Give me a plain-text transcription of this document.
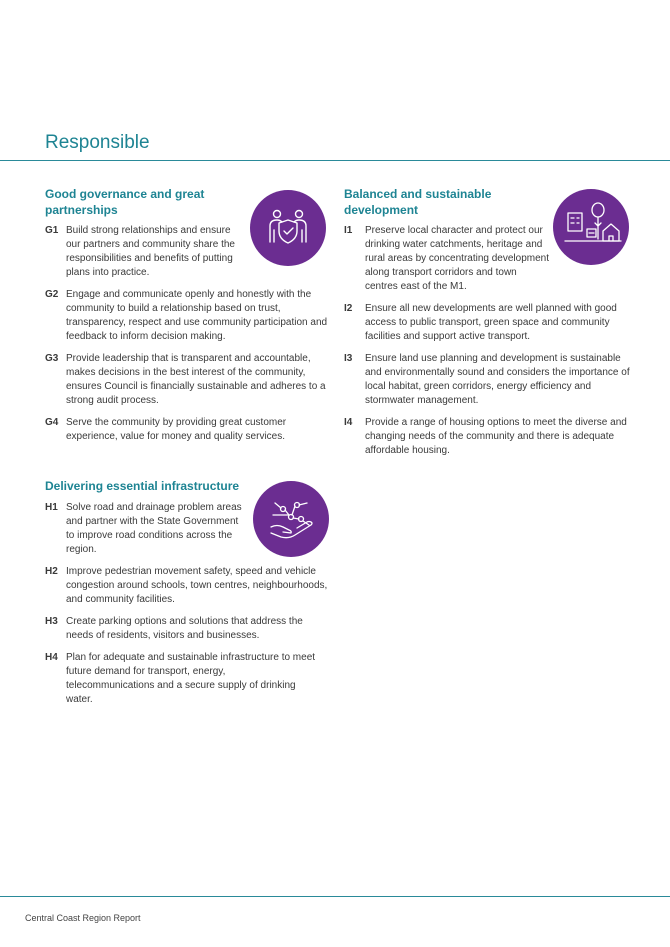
Responsible
Good governance and great partnerships
G1 Build strong relationships and ensure our partners and community share the responsibilities and benefits of putting plans into practice.
G2 Engage and communicate openly and honestly with the community to build a relationship based on trust, transparency, respect and use community participation and feedback to inform decision making.
G3 Provide leadership that is transparent and accountable, makes decisions in the best interest of the community, ensures Council is financially sustainable and adheres to a strong audit process.
G4 Serve the community by providing great customer experience, value for money and quality services.
Delivering essential infrastructure
H1 Solve road and drainage problem areas and partner with the State Government to improve road conditions across the region.
H2 Improve pedestrian movement safety, speed and vehicle congestion around schools, town centres, neighbourhoods, and community facilities.
H3 Create parking options and solutions that address the needs of residents, visitors and businesses.
H4 Plan for adequate and sustainable infrastructure to meet future demand for transport, energy, telecommunications and a secure supply of drinking water.
Balanced and sustainable development
I1 Preserve local character and protect our drinking water catchments, heritage and rural areas by concentrating development along transport corridors and town centres east of the M1.
I2 Ensure all new developments are well planned with good access to public transport, green space and community facilities and support active transport.
I3 Ensure land use planning and development is sustainable and environmentally sound and considers the importance of local habitat, green corridors, energy efficiency and stormwater management.
I4 Provide a range of housing options to meet the diverse and changing needs of the community and there is adequate affordable housing.
Central Coast Region Report
